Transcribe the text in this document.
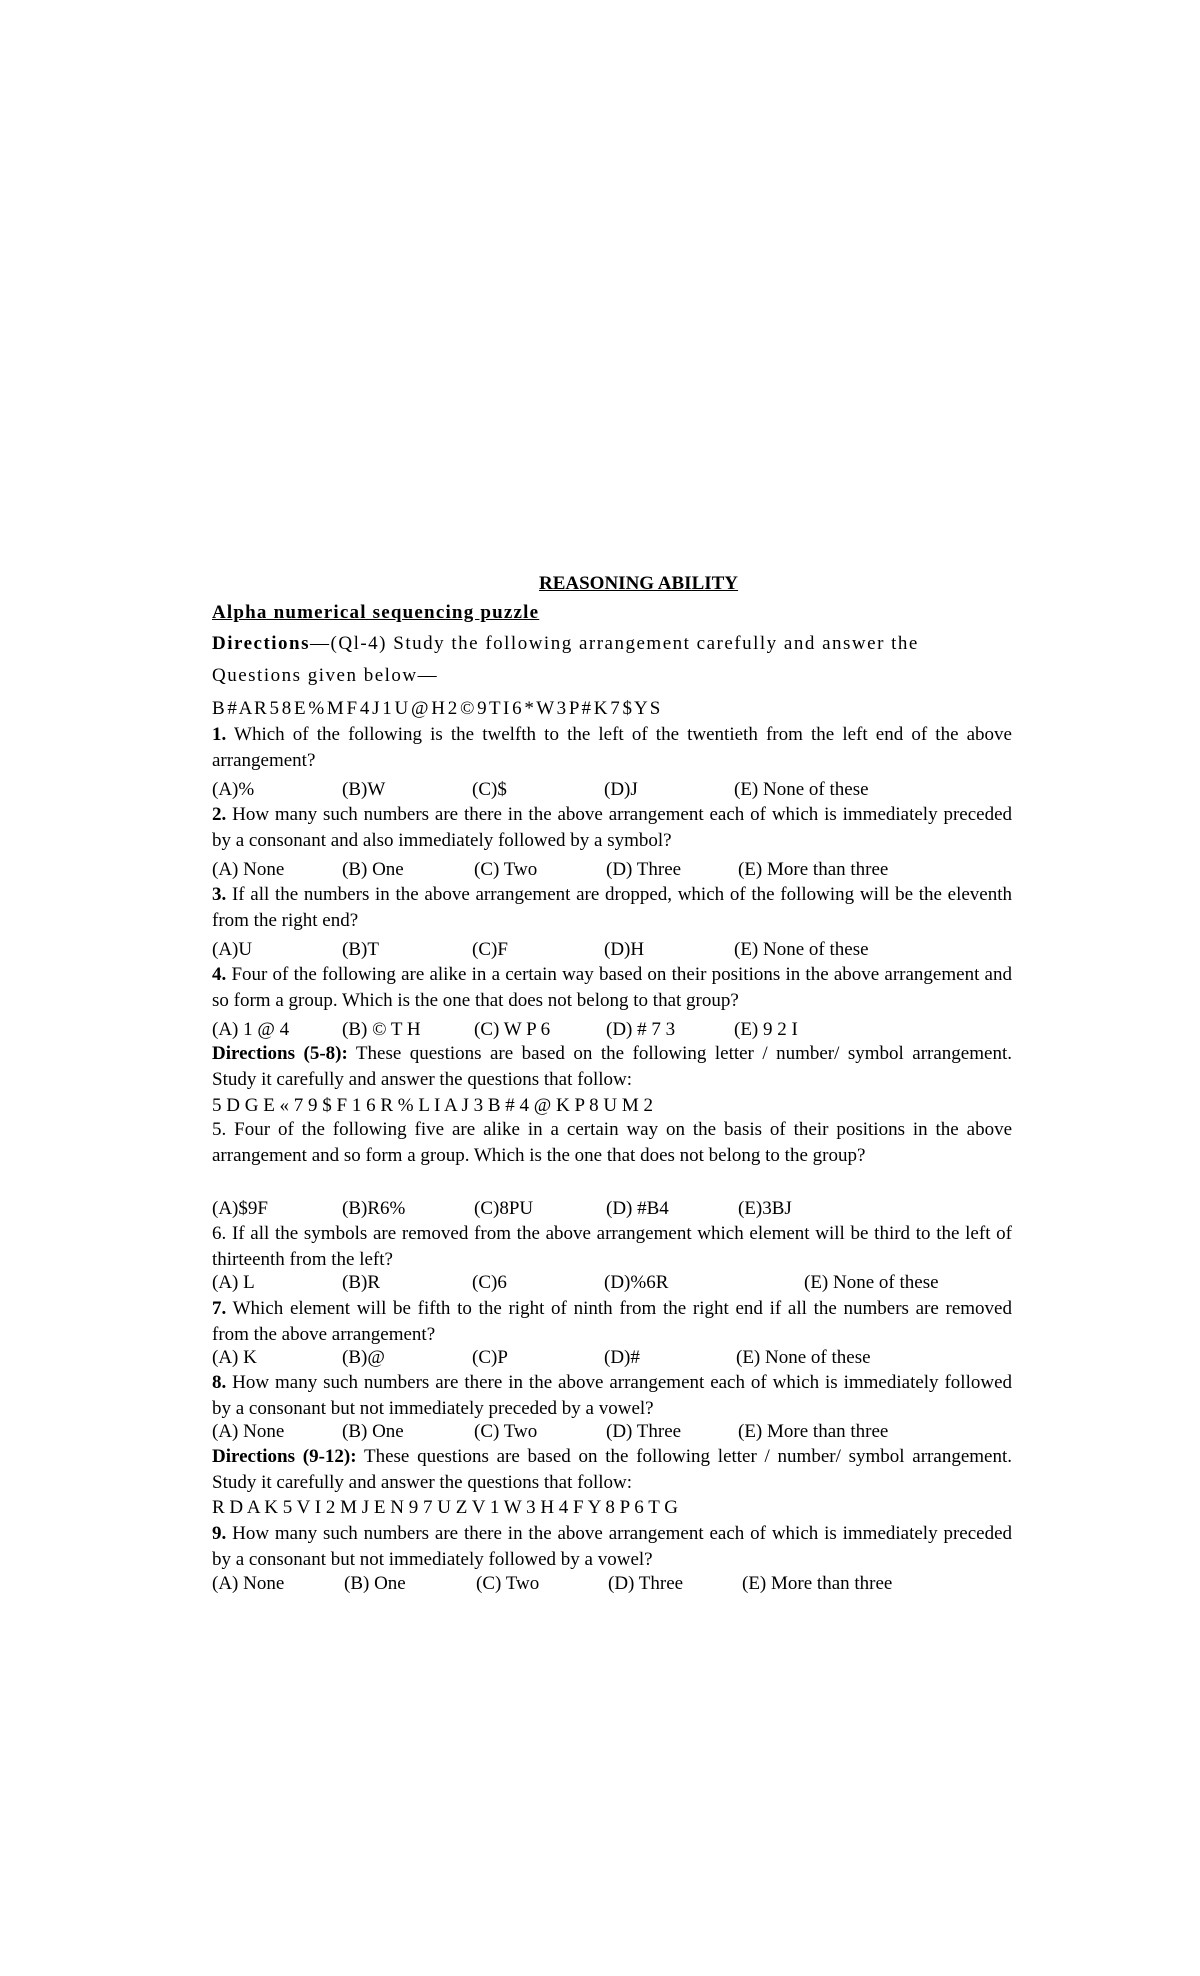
REASONING ABILITY
Alpha numerical sequencing puzzle
Directions—(Ql-4) Study the following arrangement carefully and answer the
Questions given below—
B # A R 5 8 E % M F 4 J 1 U @ H 2 © 9 T I 6 * W 3 P # K 7 $ Y S
1. Which of the following is the twelfth to the left of the twentieth from the left end of the above arrangement?
(A)%	(B)W	(C)$	(D)J	(E) None of these
2. How many such numbers are there in the above arrangement each of which is immediately preceded by a consonant and also immediately followed by a symbol?
(A) None	(B) One	(C) Two	(D) Three	(E) More than three
3. If all the numbers in the above arrangement are dropped, which of the following will be the eleventh from the right end?
(A)U	(B)T	(C)F	(D)H	(E) None of these
4. Four of the following are alike in a certain way based on their positions in the above arrangement and so form a group. Which is the one that does not belong to that group?
(A) 1 @ 4	(B) © T H	(C) W P 6	(D) # 7 3	(E) 9 2 I
Directions (5-8): These questions are based on the following letter / number/ symbol arrangement. Study it carefully and answer the questions that follow:
5 D G E « 7 9 $ F 1 6 R % L I A J 3 B # 4 @ K P 8 U M 2
5. Four of the following five are alike in a certain way on the basis of their positions in the above arrangement and so form a group. Which is the one that does not belong to the group?
(A)$9F	(B)R6%	(C)8PU	(D) #B4	(E)3BJ
6. If all the symbols are removed from the above arrangement which element will be third to the left of thirteenth from the left?
(A) L	(B)R	(C)6	(D)%6R	(E) None of these
7. Which element will be fifth to the right of ninth from the right end if all the numbers are removed from the above arrangement?
(A) K	(B)@	(C)P	(D)#	(E) None of these
8. How many such numbers are there in the above arrangement each of which is immediately followed by a consonant but not immediately preceded by a vowel?
(A) None	(B) One	(C) Two	(D) Three	(E) More than three
Directions (9-12): These questions are based on the following letter / number/ symbol arrangement. Study it carefully and answer the questions that follow:
R D A K 5 V I 2 M J E N 9 7 U Z V 1 W 3 H 4 F Y 8 P 6 T G
9. How many such numbers are there in the above arrangement each of which is immediately preceded by a consonant but not immediately followed by a vowel?
(A) None	(B) One	(C) Two	(D) Three	(E) More than three
